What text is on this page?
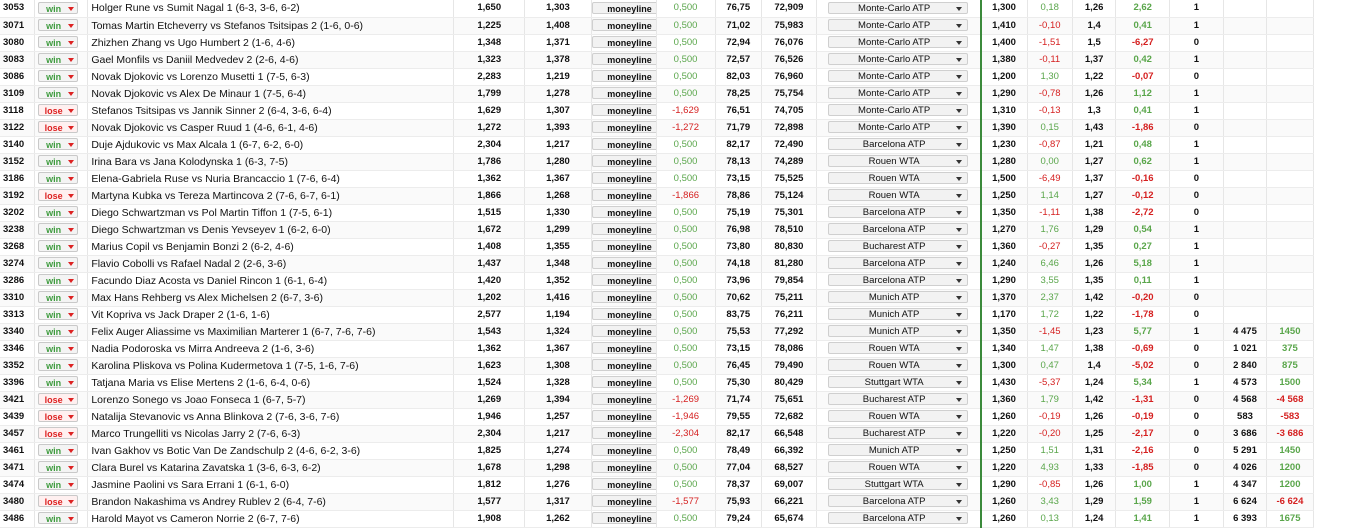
3053	win	Holger Rune vs Sumit Nagal 1 (6-3, 3-6, 6-2)	1,650	1,303	moneyline	0,500	76,75	72,909	Monte-Carlo ATP	1,300	0,18	1,26	2,62	1		
3071	win	Tomas Martin Etcheverry vs Stefanos Tsitsipas 2 (1-6, 0-6)	1,225	1,408	moneyline	0,500	71,02	75,983	Monte-Carlo ATP	1,410	-0,10	1,4	0,41	1		
3080	win	Zhizhen Zhang vs Ugo Humbert 2 (1-6, 4-6)	1,348	1,371	moneyline	0,500	72,94	76,076	Monte-Carlo ATP	1,400	-1,51	1,5	-6,27	0		
3083	win	Gael Monfils vs Daniil Medvedev 2 (2-6, 4-6)	1,323	1,378	moneyline	0,500	72,57	76,526	Monte-Carlo ATP	1,380	-0,11	1,37	0,42	1		
3086	win	Novak Djokovic vs Lorenzo Musetti 1 (7-5, 6-3)	2,283	1,219	moneyline	0,500	82,03	76,960	Monte-Carlo ATP	1,200	1,30	1,22	-0,07	0		
3109	win	Novak Djokovic vs Alex De Minaur 1 (7-5, 6-4)	1,799	1,278	moneyline	0,500	78,25	75,754	Monte-Carlo ATP	1,290	-0,78	1,26	1,12	1		
3118	lose	Stefanos Tsitsipas vs Jannik Sinner 2 (6-4, 3-6, 6-4)	1,629	1,307	moneyline	-1,629	76,51	74,705	Monte-Carlo ATP	1,310	-0,13	1,3	0,41	1		
3122	lose	Novak Djokovic vs Casper Ruud 1 (4-6, 6-1, 4-6)	1,272	1,393	moneyline	-1,272	71,79	72,898	Monte-Carlo ATP	1,390	0,15	1,43	-1,86	0		
3140	win	Duje Ajdukovic vs Max Alcala 1 (6-7, 6-2, 6-0)	2,304	1,217	moneyline	0,500	82,17	72,490	Barcelona ATP	1,230	-0,87	1,21	0,48	1		
3152	win	Irina Bara vs Jana Kolodynska 1 (6-3, 7-5)	1,786	1,280	moneyline	0,500	78,13	74,289	Rouen WTA	1,280	0,00	1,27	0,62	1		
3186	win	Elena-Gabriela Ruse vs Nuria Brancaccio 1 (7-6, 6-4)	1,362	1,367	moneyline	0,500	73,15	75,525	Rouen WTA	1,500	-6,49	1,37	-0,16	0		
3192	lose	Martyna Kubka vs Tereza Martincova 2 (7-6, 6-7, 6-1)	1,866	1,268	moneyline	-1,866	78,86	75,124	Rouen WTA	1,250	1,14	1,27	-0,12	0		
3202	win	Diego Schwartzman vs Pol Martin Tiffon 1 (7-5, 6-1)	1,515	1,330	moneyline	0,500	75,19	75,301	Barcelona ATP	1,350	-1,11	1,38	-2,72	0		
3238	win	Diego Schwartzman vs Denis Yevseyev 1 (6-2, 6-0)	1,672	1,299	moneyline	0,500	76,98	78,510	Barcelona ATP	1,270	1,76	1,29	0,54	1		
3268	win	Marius Copil vs Benjamin Bonzi 2 (6-2, 4-6)	1,408	1,355	moneyline	0,500	73,80	80,830	Bucharest ATP	1,360	-0,27	1,35	0,27	1		
3274	win	Flavio Cobolli vs Rafael Nadal 2 (2-6, 3-6)	1,437	1,348	moneyline	0,500	74,18	81,280	Barcelona ATP	1,240	6,46	1,26	5,18	1		
3286	win	Facundo Diaz Acosta vs Daniel Rincon 1 (6-1, 6-4)	1,420	1,352	moneyline	0,500	73,96	79,854	Barcelona ATP	1,290	3,55	1,35	0,11	1		
3310	win	Max Hans Rehberg vs Alex Michelsen 2 (6-7, 3-6)	1,202	1,416	moneyline	0,500	70,62	75,211	Munich ATP	1,370	2,37	1,42	-0,20	0		
3313	win	Vit Kopriva vs Jack Draper 2 (1-6, 1-6)	2,577	1,194	moneyline	0,500	83,75	76,211	Munich ATP	1,170	1,72	1,22	-1,78	0		
3340	win	Felix Auger Aliassime vs Maximilian Marterer 1 (6-7, 7-6, 7-6)	1,543	1,324	moneyline	0,500	75,53	77,292	Munich ATP	1,350	-1,45	1,23	5,77	1	4 475	1450
3346	win	Nadia Podoroska vs Mirra Andreeva 2 (1-6, 3-6)	1,362	1,367	moneyline	0,500	73,15	78,086	Rouen WTA	1,340	1,47	1,38	-0,69	0	1 021	375
3352	win	Karolina Pliskova vs Polina Kudermetova 1 (7-5, 1-6, 7-6)	1,623	1,308	moneyline	0,500	76,45	79,490	Rouen WTA	1,300	0,47	1,4	-5,02	0	2 840	875
3396	win	Tatjana Maria vs Elise Mertens 2 (1-6, 6-4, 0-6)	1,524	1,328	moneyline	0,500	75,30	80,429	Stuttgart WTA	1,430	-5,37	1,24	5,34	1	4 573	1500
3421	lose	Lorenzo Sonego vs Joao Fonseca 1 (6-7, 5-7)	1,269	1,394	moneyline	-1,269	71,74	75,651	Bucharest ATP	1,360	1,79	1,42	-1,31	0	4 568	-4 568
3439	lose	Natalija Stevanovic vs Anna Blinkova 2 (7-6, 3-6, 7-6)	1,946	1,257	moneyline	-1,946	79,55	72,682	Rouen WTA	1,260	-0,19	1,26	-0,19	0	583	-583
3457	lose	Marco Trungelliti vs Nicolas Jarry 2 (7-6, 6-3)	2,304	1,217	moneyline	-2,304	82,17	66,548	Bucharest ATP	1,220	-0,20	1,25	-2,17	0	3 686	-3 686
3461	win	Ivan Gakhov vs Botic Van De Zandschulp 2 (4-6, 6-2, 3-6)	1,825	1,274	moneyline	0,500	78,49	66,392	Munich ATP	1,250	1,51	1,31	-2,16	0	5 291	1450
3471	win	Clara Burel vs Katarina Zavatska 1 (3-6, 6-3, 6-2)	1,678	1,298	moneyline	0,500	77,04	68,527	Rouen WTA	1,220	4,93	1,33	-1,85	0	4 026	1200
3474	win	Jasmine Paolini vs Sara Errani 1 (6-1, 6-0)	1,812	1,276	moneyline	0,500	78,37	69,007	Stuttgart WTA	1,290	-0,85	1,26	1,00	1	4 347	1200
3480	lose	Brandon Nakashima vs Andrey Rublev 2 (6-4, 7-6)	1,577	1,317	moneyline	-1,577	75,93	66,221	Barcelona ATP	1,260	3,43	1,29	1,59	1	6 624	-6 624
3486	win	Harold Mayot vs Cameron Norrie 2 (6-7, 7-6)	1,908	1,262	moneyline	0,500	79,24	65,674	Barcelona ATP	1,260	0,13	1,24	1,41	1	6 393	1675
